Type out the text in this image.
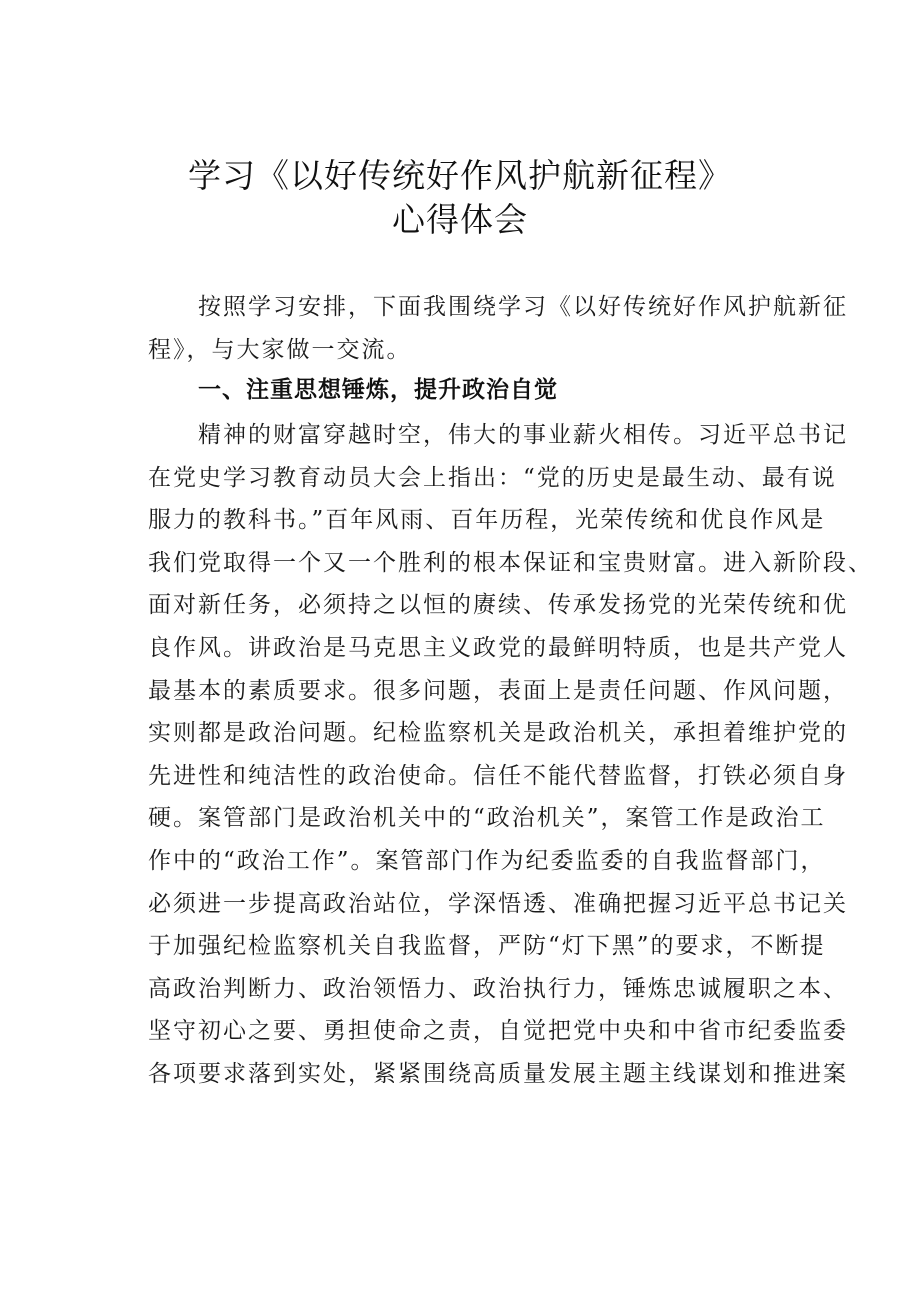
学习《以好传统好作风护航新征程》
心得体会
按照学习安排，下面我围绕学习《以好传统好作风护航新征
程》，与大家做一交流。
一、注重思想锤炼，提升政治自觉
精神的财富穿越时空，伟大的事业薪火相传。习近平总书记
在党史学习教育动员大会上指出：“党的历史是最生动、最有说
服力的教科书。”百年风雨、百年历程，光荣传统和优良作风是
我们党取得一个又一个胜利的根本保证和宝贵财富。进入新阶段、
面对新任务，必须持之以恒的赓续、传承发扬党的光荣传统和优
良作风。讲政治是马克思主义政党的最鲜明特质，也是共产党人
最基本的素质要求。很多问题，表面上是责任问题、作风问题，
实则都是政治问题。纪检监察机关是政治机关，承担着维护党的
先进性和纯洁性的政治使命。信任不能代替监督，打铁必须自身
硬。案管部门是政治机关中的“政治机关”，案管工作是政治工
作中的“政治工作”。案管部门作为纪委监委的自我监督部门，
必须进一步提高政治站位，学深悟透、准确把握习近平总书记关
于加强纪检监察机关自我监督，严防“灯下黑”的要求，不断提
高政治判断力、政治领悟力、政治执行力，锤炼忠诚履职之本、
坚守初心之要、勇担使命之责，自觉把党中央和中省市纪委监委
各项要求落到实处，紧紧围绕高质量发展主题主线谋划和推进案
